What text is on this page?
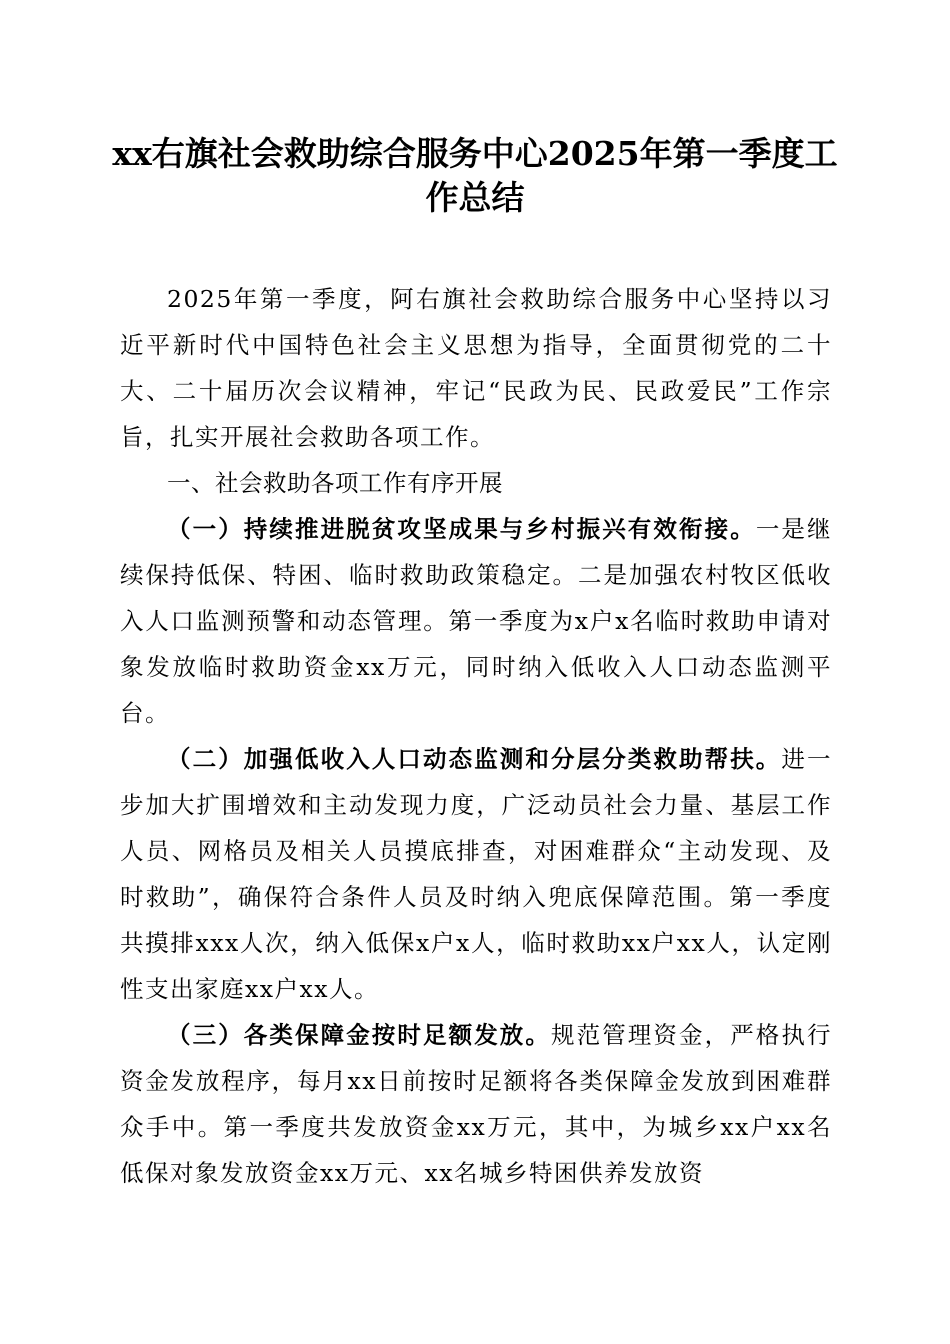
xx右旗社会救助综合服务中心2025年第一季度工作总结

2025年第一季度，阿右旗社会救助综合服务中心坚持以习近平新时代中国特色社会主义思想为指导，全面贯彻党的二十大、二十届历次会议精神，牢记“民政为民、民政爱民”工作宗旨，扎实开展社会救助各项工作。

一、社会救助各项工作有序开展

（一）持续推进脱贫攻坚成果与乡村振兴有效衔接。一是继续保持低保、特困、临时救助政策稳定。二是加强农村牧区低收入人口监测预警和动态管理。第一季度为x户x名临时救助申请对象发放临时救助资金xx万元，同时纳入低收入人口动态监测平台。

（二）加强低收入人口动态监测和分层分类救助帮扶。进一步加大扩围增效和主动发现力度，广泛动员社会力量、基层工作人员、网格员及相关人员摸底排查，对困难群众“主动发现、及时救助”，确保符合条件人员及时纳入兜底保障范围。第一季度共摸排xxx人次，纳入低保x户x人，临时救助xx户xx人，认定刚性支出家庭xx户xx人。

（三）各类保障金按时足额发放。规范管理资金，严格执行资金发放程序，每月xx日前按时足额将各类保障金发放到困难群众手中。第一季度共发放资金xx万元，其中，为城乡xx户xx名低保对象发放资金xx万元、xx名城乡特困供养发放资
